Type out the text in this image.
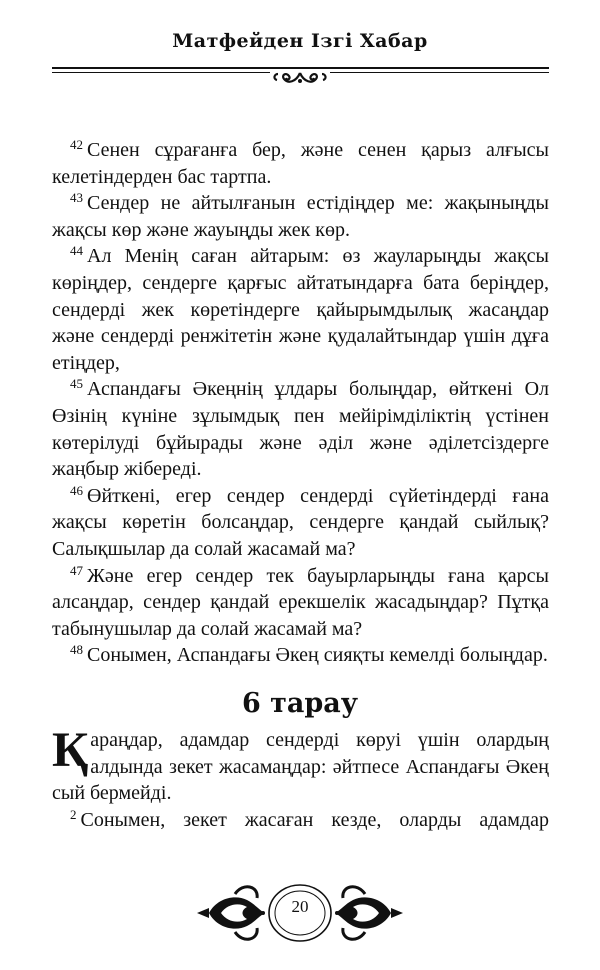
Матфейден Ізгі Хабар
$^{42}$ Сенен сұрағанға бер, және сенен қарыз алғысы
келетіндерден бас тартпа.
$^{43}$ Сендер не айтылғанын естідіңдер ме: жақыныңды
жақсы көр және жауыңды жек көр.
$^{44}$ Ал Менің саған айтарым: өз жауларыңды жақсы
көріңдер, сендерге қарғыс айтатындарға бата беріңдер,
сендерді жек көретіндерге қайырымдылық жасаңдар
және сендерді ренжітетін және қудалайтындар үшін дұға
етіңдер,
$^{45}$ Аспандағы Әкеңнің ұлдары болыңдар, өйткені Ол
Өзінің күніне зұлымдық пен мейірімділіктің үстінен
көтерілуді бұйырады және әділ және әділетсіздерге
жаңбыр жібереді.
$^{46}$ Өйткені, егер сендер сендерді сүйетіндерді ғана
жақсы көретін болсаңдар, сендерге қандай сыйлық?
Салықшылар да солай жасамай ма?
$^{47}$ Және егер сендер тек бауырларыңды ғана қарсы
алсаңдар, сендер қандай ерекшелік жасадыңдар? Пұтқа
табынушылар да солай жасамай ма?
$^{48}$ Сонымен, Аспандағы Әкең сияқты кемелді болыңдар.
6 тарау
Қ араңдар, адамдар сендерді көруі үшін олардың
алдында зекет жасамаңдар: әйтпесе Аспандағы Әкең
сый бермейді.
$^2$ Сонымен, зекет жасаған кезде, оларды адамдар
20
